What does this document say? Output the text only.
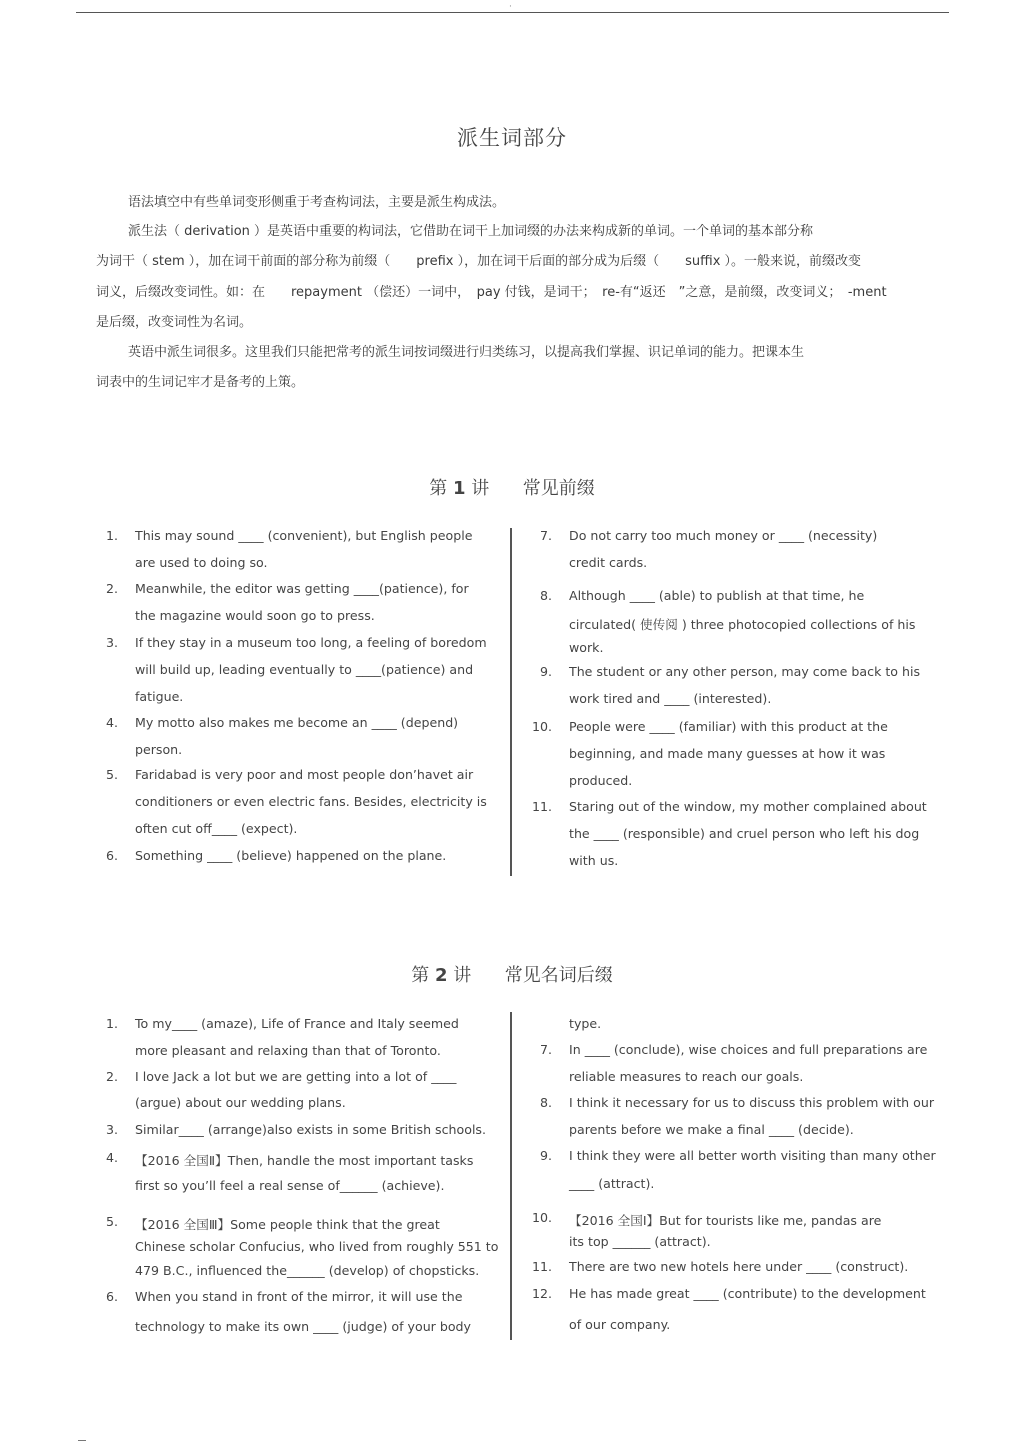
·
派生词部分
语法填空中有些单词变形侧重于考查构词法，主要是派生构成法。
派生法（ derivation ）是英语中重要的构词法，它借助在词干上加词缀的办法来构成新的单词。一个单词的基本部分称
为词干（ stem ），加在词干前面的部分称为前缀（　　prefix ），加在词干后面的部分成为后缀（　　suffix ）。一般来说，前缀改变
词义，后缀改变词性。如：在　　repayment （偿还）一词中，　pay 付钱，是词干；　re-有“返还　”之意，是前缀，改变词义；　-ment
是后缀，改变词性为名词。
英语中派生词很多。这里我们只能把常考的派生词按词缀进行归类练习，以提高我们掌握、识记单词的能力。把课本生
词表中的生词记牢才是备考的上策。
第 1 讲 常见前缀
第 2 讲 常见名词后缀
1. This may sound ____ (convenient), but English people
are used to doing so.
2. Meanwhile, the editor was getting ____(patience), for
the magazine would soon go to press.
3. If they stay in a museum too long, a feeling of boredom
will build up, leading eventually to ____(patience) and
fatigue.
4. My motto also makes me become an ____ (depend)
person.
5. Faridabad is very poor and most people don’havet air
conditioners or even electric fans. Besides, electricity is
often cut off____ (expect).
6. Something ____ (believe) happened on the plane.
7. Do not carry too much money or ____ (necessity)
credit cards.
8. Although ____ (able) to publish at that time, he
circulated( 使传阅 ) three photocopied collections of his
work.
9. The student or any other person, may come back to his
work tired and ____ (interested).
10. People were ____ (familiar) with this product at the
beginning, and made many guesses at how it was
produced.
11. Staring out of the window, my mother complained about
the ____ (responsible) and cruel person who left his dog
with us.
1. To my____ (amaze), Life of France and Italy seemed
more pleasant and relaxing than that of Toronto.
2. I love Jack a lot but we are getting into a lot of ____
(argue) about our wedding plans.
3. Similar____ (arrange)also exists in some British schools.
4. 【2016 全国Ⅱ】Then, handle the most important tasks
first so you’ll feel a real sense of______ (achieve).
5. 【2016 全国Ⅲ】Some people think that the great
Chinese scholar Confucius, who lived from roughly 551 to
479 B.C., influenced the______ (develop) of chopsticks.
6. When you stand in front of the mirror, it will use the
technology to make its own ____ (judge) of your body
type.
7. In ____ (conclude), wise choices and full preparations are
reliable measures to reach our goals.
8. I think it necessary for us to discuss this problem with our
parents before we make a final ____ (decide).
9. I think they were all better worth visiting than many other
____ (attract).
10. 【2016 全国Ⅰ】But for tourists like me, pandas are
its top ______ (attract).
11. There are two new hotels here under ____ (construct).
12. He has made great ____ (contribute) to the development
of our company.
